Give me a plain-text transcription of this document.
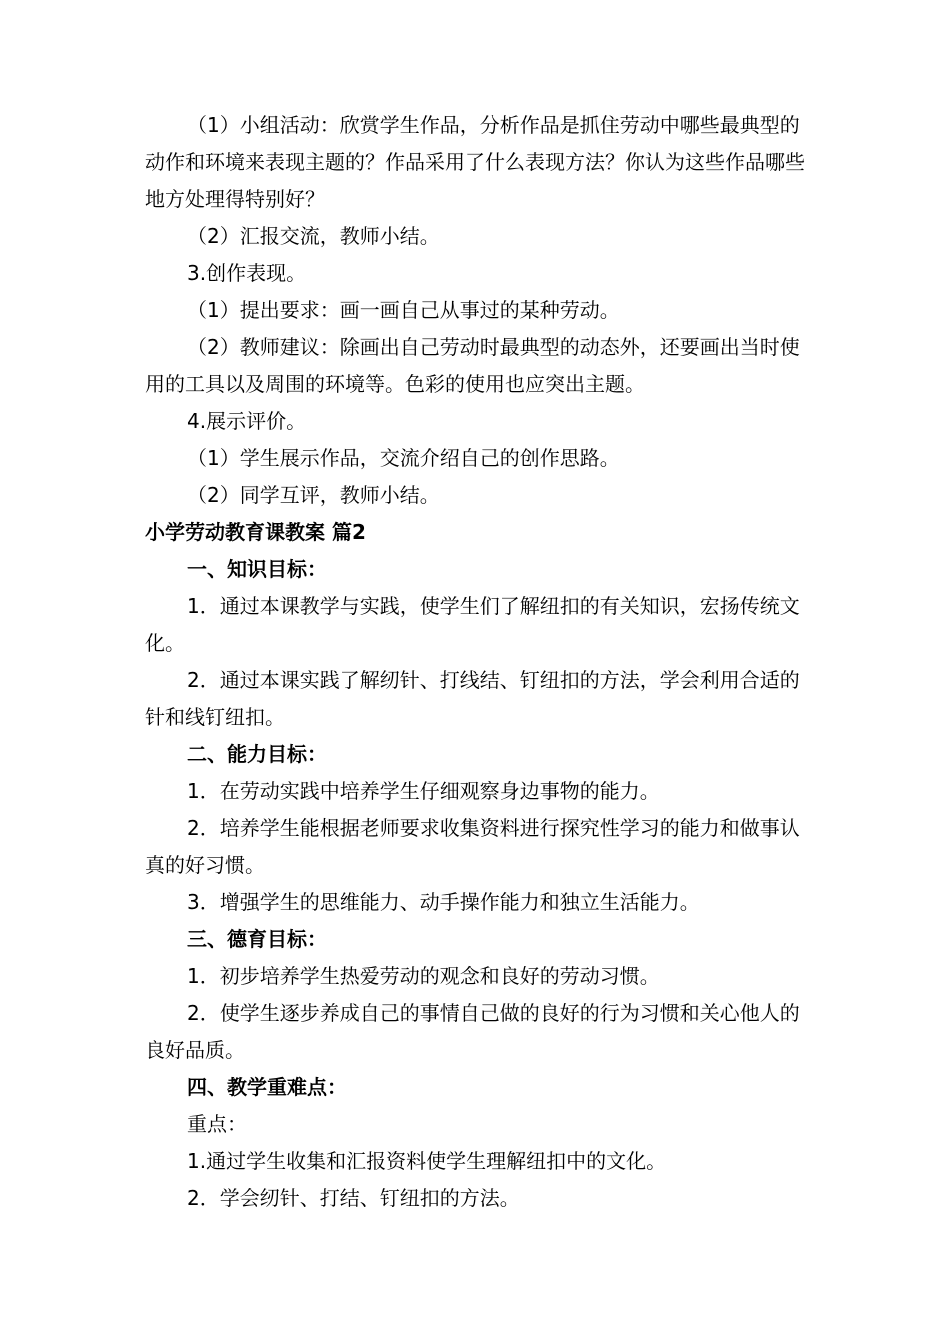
（1）小组活动：欣赏学生作品，分析作品是抓住劳动中哪些最典型的动作和环境来表现主题的？作品采用了什么表现方法？你认为这些作品哪些地方处理得特别好？

（2）汇报交流，教师小结。

3.创作表现。

（1）提出要求：画一画自己从事过的某种劳动。

（2）教师建议：除画出自己劳动时最典型的动态外，还要画出当时使用的工具以及周围的环境等。色彩的使用也应突出主题。

4.展示评价。

（1）学生展示作品，交流介绍自己的创作思路。

（2）同学互评，教师小结。

小学劳动教育课教案 篇2

一、知识目标：

1．通过本课教学与实践，使学生们了解纽扣的有关知识，宏扬传统文化。

2．通过本课实践了解纫针、打线结、钉纽扣的方法，学会利用合适的针和线钉纽扣。

二、能力目标：

1．在劳动实践中培养学生仔细观察身边事物的能力。

2．培养学生能根据老师要求收集资料进行探究性学习的能力和做事认真的好习惯。

3．增强学生的思维能力、动手操作能力和独立生活能力。

三、德育目标：

1．初步培养学生热爱劳动的观念和良好的劳动习惯。

2．使学生逐步养成自己的事情自己做的良好的行为习惯和关心他人的良好品质。

四、教学重难点：

重点：

1.通过学生收集和汇报资料使学生理解纽扣中的文化。

2．学会纫针、打结、钉纽扣的方法。
